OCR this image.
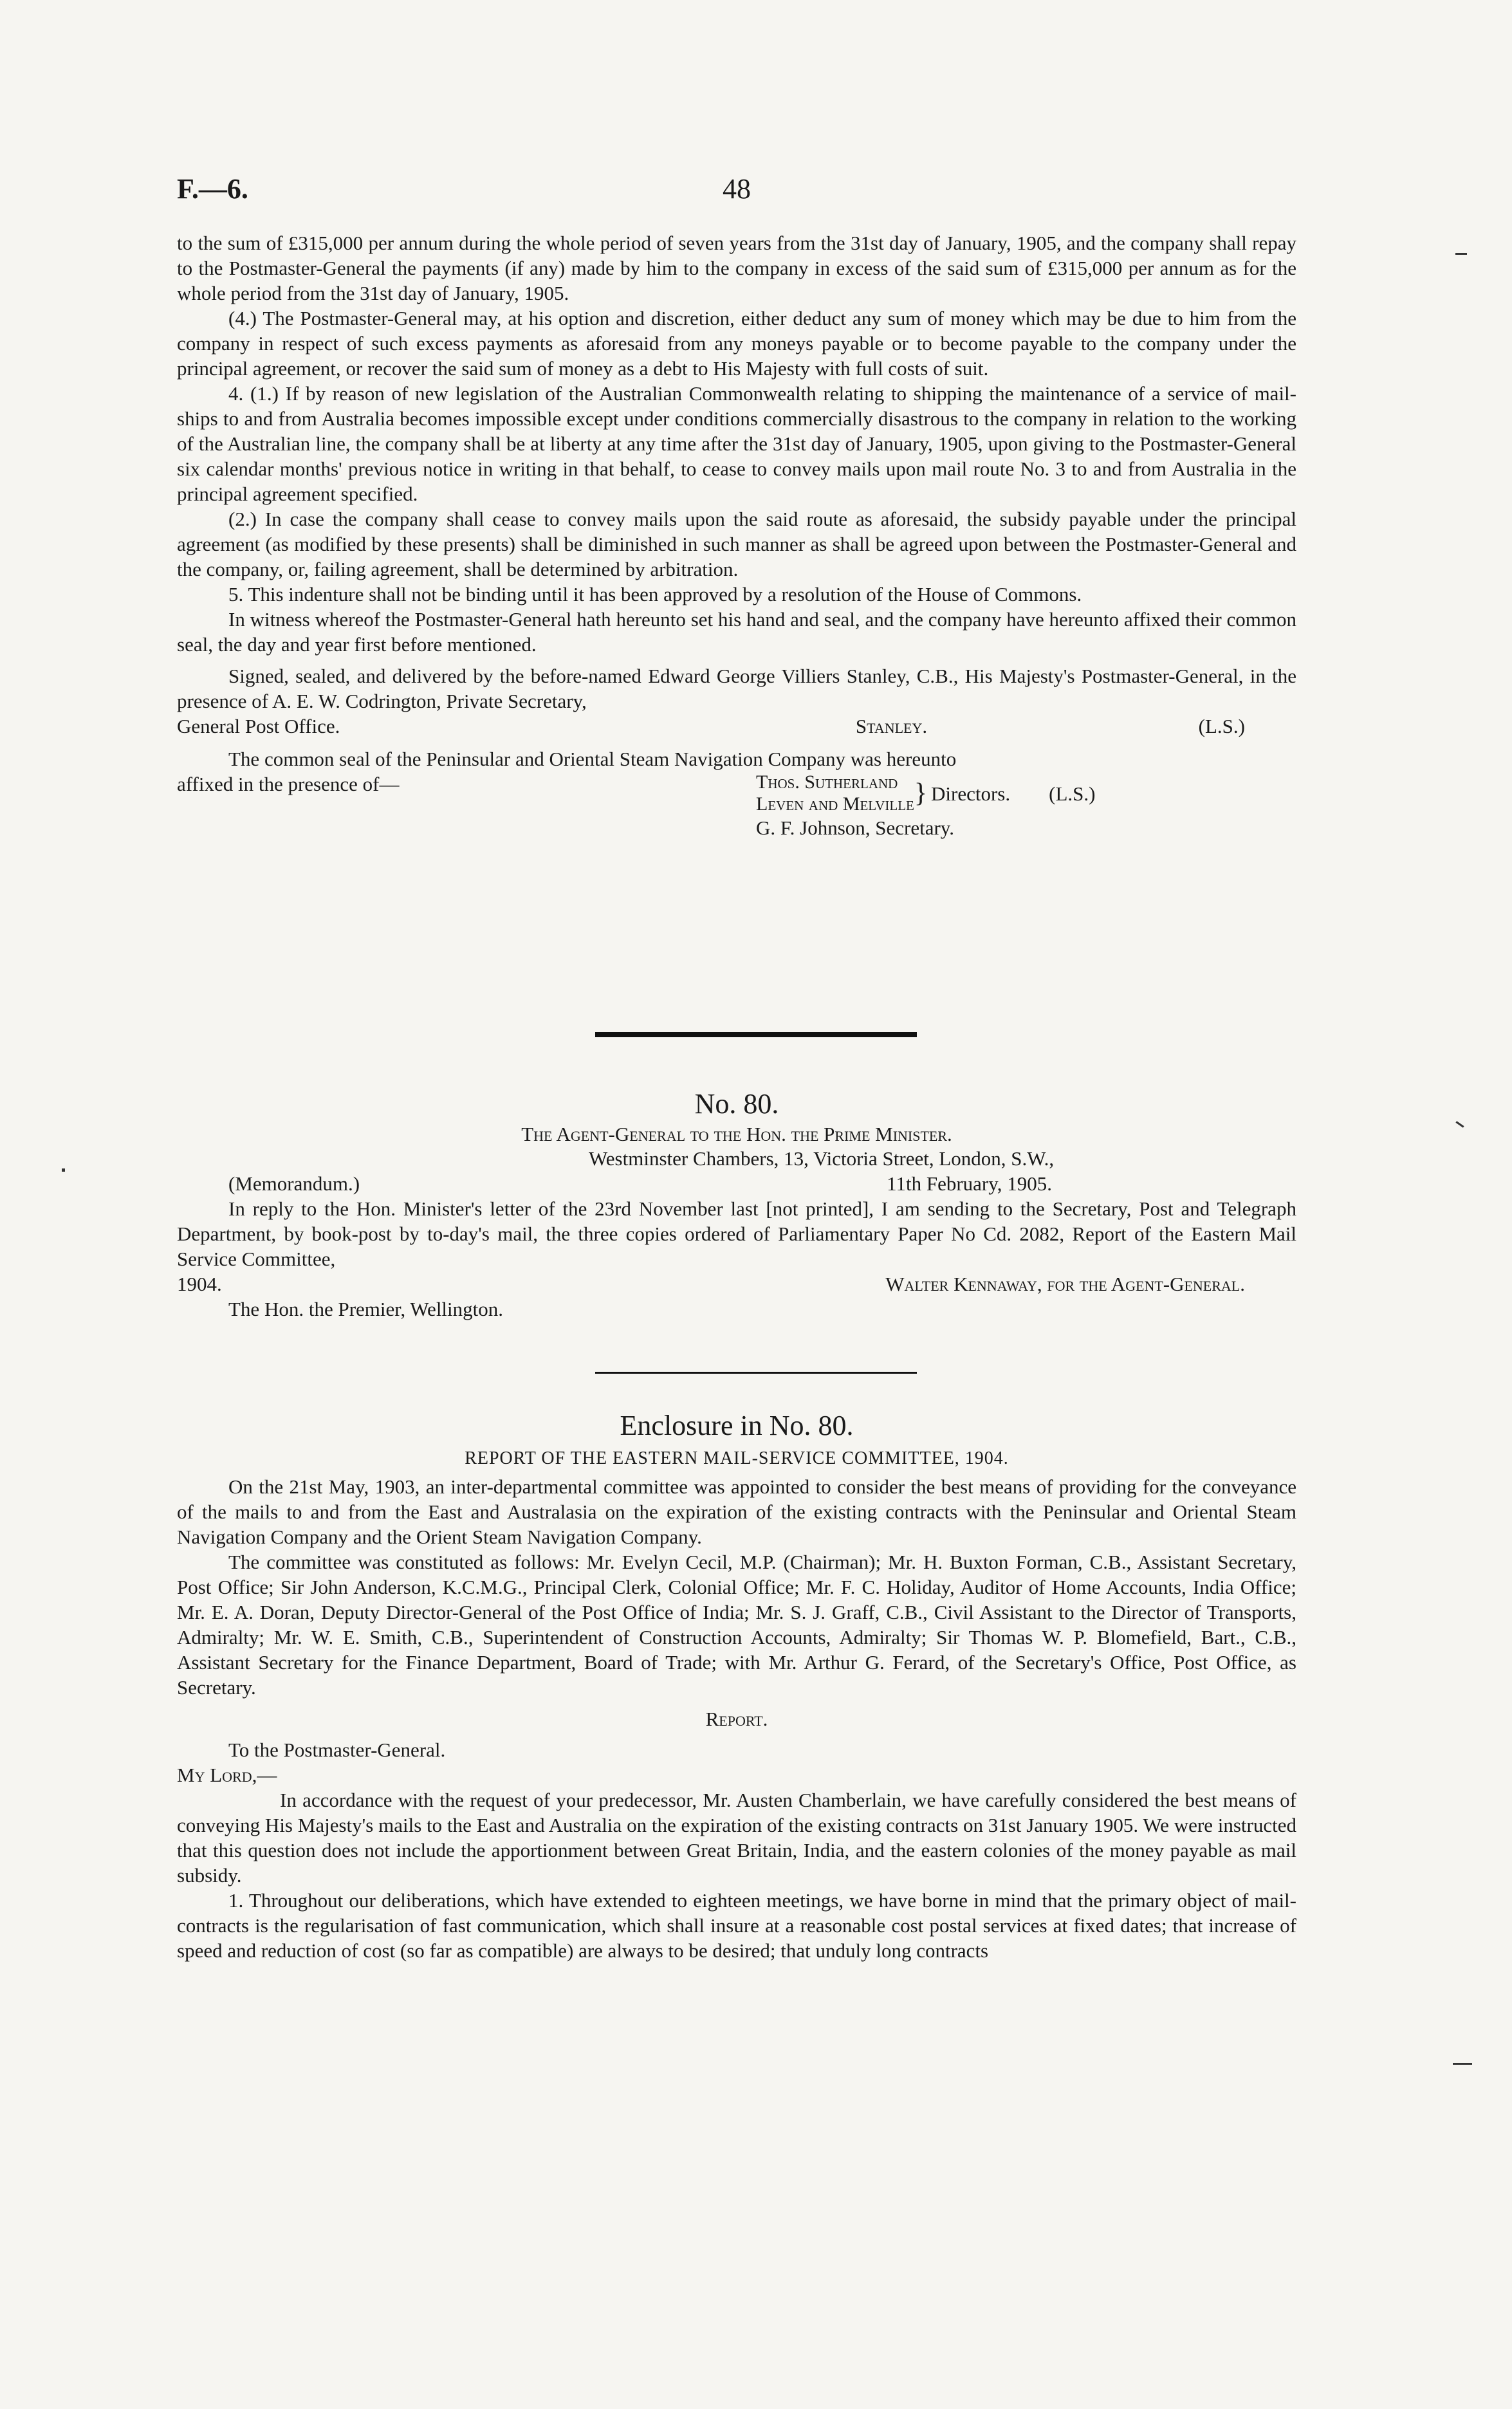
F.—6.	48

to the sum of £315,000 per annum during the whole period of seven years from the 31st day of January, 1905, and the company shall repay to the Postmaster-General the payments (if any) made by him to the company in excess of the said sum of £315,000 per annum as for the whole period from the 31st day of January, 1905.

(4.) The Postmaster-General may, at his option and discretion, either deduct any sum of money which may be due to him from the company in respect of such excess payments as aforesaid from any moneys payable or to become payable to the company under the principal agreement, or recover the said sum of money as a debt to His Majesty with full costs of suit.

4. (1.) If by reason of new legislation of the Australian Commonwealth relating to shipping the maintenance of a service of mail-ships to and from Australia becomes impossible except under conditions commercially disastrous to the company in relation to the working of the Australian line, the company shall be at liberty at any time after the 31st day of January, 1905, upon giving to the Postmaster-General six calendar months' previous notice in writing in that behalf, to cease to convey mails upon mail route No. 3 to and from Australia in the principal agreement specified.

(2.) In case the company shall cease to convey mails upon the said route as aforesaid, the subsidy payable under the principal agreement (as modified by these presents) shall be diminished in such manner as shall be agreed upon between the Postmaster-General and the company, or, failing agreement, shall be determined by arbitration.

5. This indenture shall not be binding until it has been approved by a resolution of the House of Commons.

In witness whereof the Postmaster-General hath hereunto set his hand and seal, and the company have hereunto affixed their common seal, the day and year first before mentioned.

Signed, sealed, and delivered by the before-named Edward George Villiers Stanley, C.B., His Majesty's Postmaster-General, in the presence of A. E. W. Codrington, Private Secretary,

General Post Office.	Stanley.	(L.S.)

The common seal of the Peninsular and Oriental Steam Navigation Company was hereunto

affixed in the presence of—	Thos. Sutherland
Leven and Melville } Directors. (L.S.)
G. F. Johnson, Secretary.

No. 80.

The Agent-General to the Hon. the Prime Minister.

Westminster Chambers, 13, Victoria Street, London, S.W.,
(Memorandum.)	11th February, 1905.

In reply to the Hon. Minister's letter of the 23rd November last [not printed], I am sending to the Secretary, Post and Telegraph Department, by book-post by to-day's mail, the three copies ordered of Parliamentary Paper No Cd. 2082, Report of the Eastern Mail Service Committee,

1904.	Walter Kennaway, for the Agent-General.
The Hon. the Premier, Wellington.

Enclosure in No. 80.

REPORT OF THE EASTERN MAIL-SERVICE COMMITTEE, 1904.

On the 21st May, 1903, an inter-departmental committee was appointed to consider the best means of providing for the conveyance of the mails to and from the East and Australasia on the expiration of the existing contracts with the Peninsular and Oriental Steam Navigation Company and the Orient Steam Navigation Company.

The committee was constituted as follows: Mr. Evelyn Cecil, M.P. (Chairman); Mr. H. Buxton Forman, C.B., Assistant Secretary, Post Office; Sir John Anderson, K.C.M.G., Principal Clerk, Colonial Office; Mr. F. C. Holiday, Auditor of Home Accounts, India Office; Mr. E. A. Doran, Deputy Director-General of the Post Office of India; Mr. S. J. Graff, C.B., Civil Assistant to the Director of Transports, Admiralty; Mr. W. E. Smith, C.B., Superintendent of Construction Accounts, Admiralty; Sir Thomas W. P. Blomefield, Bart., C.B., Assistant Secretary for the Finance Department, Board of Trade; with Mr. Arthur G. Ferard, of the Secretary's Office, Post Office, as Secretary.

Report.

To the Postmaster-General.
My Lord,—

In accordance with the request of your predecessor, Mr. Austen Chamberlain, we have carefully considered the best means of conveying His Majesty's mails to the East and Australia on the expiration of the existing contracts on 31st January 1905. We were instructed that this question does not include the apportionment between Great Britain, India, and the eastern colonies of the money payable as mail subsidy.

1. Throughout our deliberations, which have extended to eighteen meetings, we have borne in mind that the primary object of mail-contracts is the regularisation of fast communication, which shall insure at a reasonable cost postal services at fixed dates; that increase of speed and reduction of cost (so far as compatible) are always to be desired; that unduly long contracts
